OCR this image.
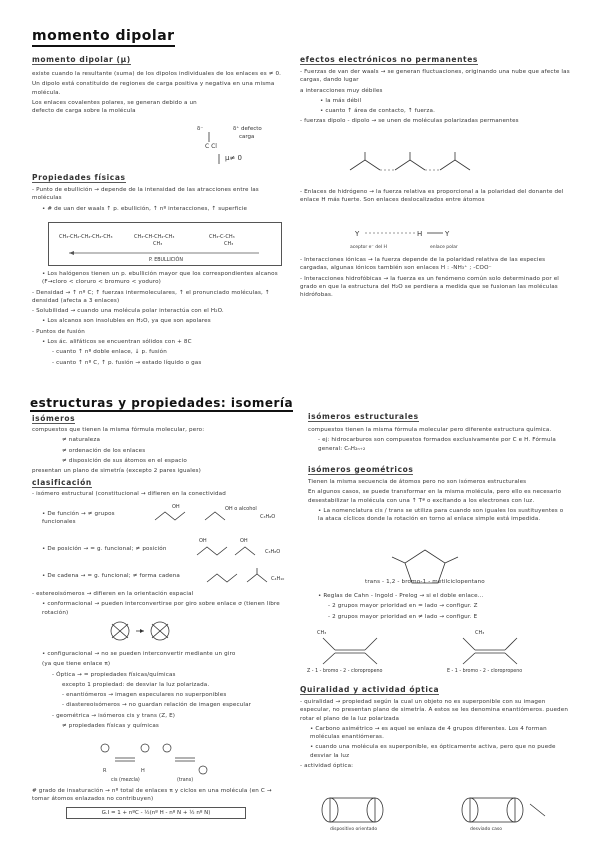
momento dipolar
momento dipolar (μ)

existe cuando la resultante (suma) de los dipolos individuales de los enlaces es ≠ 0.

Un dipolo está constituido de regiones de carga positiva y negativa en una misma molécula.

Los enlaces covalentes polares, se generan debido a un defecto de carga sobre la molécula

δ⁺ defecto
carga
δ⁻
C Cl
μ≠ 0
Propiedades físicas

- Punto de ebullición → depende de la intensidad de las atracciones entre las moléculas

• # de uan der waals ↑ p. ebullición, ↑ nº interacciones, ↑ superficie

CH₃-CH₂-CH₂-CH₂-CH₃	CH₃-CH-CH₂-CH₃
CH₃
CH₃-C-CH₃
CH₃
P. EBULLICIÓN

• Los halógenos tienen un p. ebullición mayor que los correspondientes alcanos (F→cloro < cloruro < bromuro < yoduro)

- Densidad → ↑ nº C; ↑ fuerzas intermoleculares, ↑ el pronunciado moléculas, ↑ densidad (afecta a 3 enlaces)

- Solubilidad → cuando una molécula polar interactúa con el H₂O.

• Los alcanos son insolubles en H₂O, ya que son apolares

- Puntos de fusión

• Los ác. alifáticos se encuentran sólidos con + 8C

- cuanto ↑ nº doble enlace, ↓ p. fusión

- cuanto ↑ nº C, ↑ p. fusión → estado líquido o gas

estructuras y propiedades: isomería
isómeros

compuestos que tienen la misma fórmula molecular, pero:

≠ naturaleza

≠ ordenación de los enlaces

≠ disposición de sus átomos en el espacio

presentan un plano de simetría (excepto 2 pares iguales)

clasificación

- isómero estructural (constitucional → difieren en la conectividad

• De función → ≠ grupos funcionales
OH	OH o alcohol
C₃H₈O
• De posición → = g. funcional; ≠ posición
OH	OH
C₃H₈O
• De cadena → = g. funcional; ≠ forma cadena	C₄H₁₀

- estereoisómeros → difieren en la orientación espacial

• conformacional → pueden interconvertirse por giro sobre enlace σ (tienen libre rotación)

• configuracional → no se pueden interconvertir mediante un giro

(ya que tiene enlace π)

- Óptica → = propiedades físicas/químicas

excepto 1 propiedad: de desviar la luz polarizada.

- enantiómeros → imagen especulares no superponibles

- diastereoisómeros → no guardan relación de imagen especular

- geométrica → isómeros cis y trans (Z, E)

≠ propiedades físicas y químicas

R	H
cis (mezcla)	(trans)
# grado de insaturación → nº total de enlaces π y ciclos en una molécula (en C → tomar átomos enlazados no contribuyen)
G.I = 1 + nºC - ½(nº H - nº N + ½ nº N)
efectos electrónicos no permanentes

- Fuerzas de van der waals → se generan fluctuaciones, originando una nube que afecte las cargas, dando lugar

a interacciones muy débiles

• la más débil

• cuanto ↑ área de contacto, ↑ fuerza.

- fuerzas dipolo - dipolo → se unen de moléculas polarizadas permanentes

- Enlaces de hidrógeno → la fuerza relativa es proporcional a la polaridad del donante del enlace H más fuerte. Son enlaces deslocalizados entre átomos

Y	H	Y
aceptor e⁻ del H	enlace polar

- Interacciones iónicas → la fuerza depende de la polaridad relativa de las especies cargadas, algunas iónicos también son enlaces H : -NH₃⁺ ; -COO⁻

- Interacciones hidrofóbicas → la fuerza es un fenómeno común solo determinado por el grado en que la estructura del H₂O se perdiera a medida que se fusionan las moléculas hidrófobas.

isómeros estructurales

compuestos tienen la misma fórmula molecular pero diferente estructura química.

- ej: hidrocarburos son compuestos formados exclusivamente por C e H. Fórmula general: CₙH₂ₙ₊₂

isómeros geométricos

Tienen la misma secuencia de átomos pero no son isómeros estructurales

En algunos casos, se puede transformar en la misma molécula, pero ello es necesario desestabilizar la molécula con una ↑ Tª o excitando a los electrones con luz.

• La nomenclatura cis / trans se utiliza para cuando son iguales los sustituyentes o la ataca cíclicos donde la rotación en torno al enlace simple está impedida.

trans - 1,2 - bromo-1 - metilciclopentano

• Reglas de Cahn - Ingold - Prelog → si el doble enlace...

- 2 grupos mayor prioridad en = lado → configur. Z

- 2 grupos mayor prioridad en ≠ lado → configur. E

CH₃
Z - 1 - bromo - 2 - cloropropeno
CH₃
E - 1 - bromo - 2 - cloropropeno
Quiralidad y actividad óptica

- quiralidad → propiedad según la cual un objeto no es superponible con su imagen especular, no presentan plano de simetría. A estos se les denomina enantiómeros. pueden rotar el plano de la luz polarizada

• Carbono asimétrico → es aquel se enlaza de 4 grupos diferentes. Los 4 forman moléculas enantiómeras.

• cuando una molécula es superponible, es ópticamente activa, pero que no puede desviar la luz

- actividad óptica:

dispositivo orientado	desviado caso
